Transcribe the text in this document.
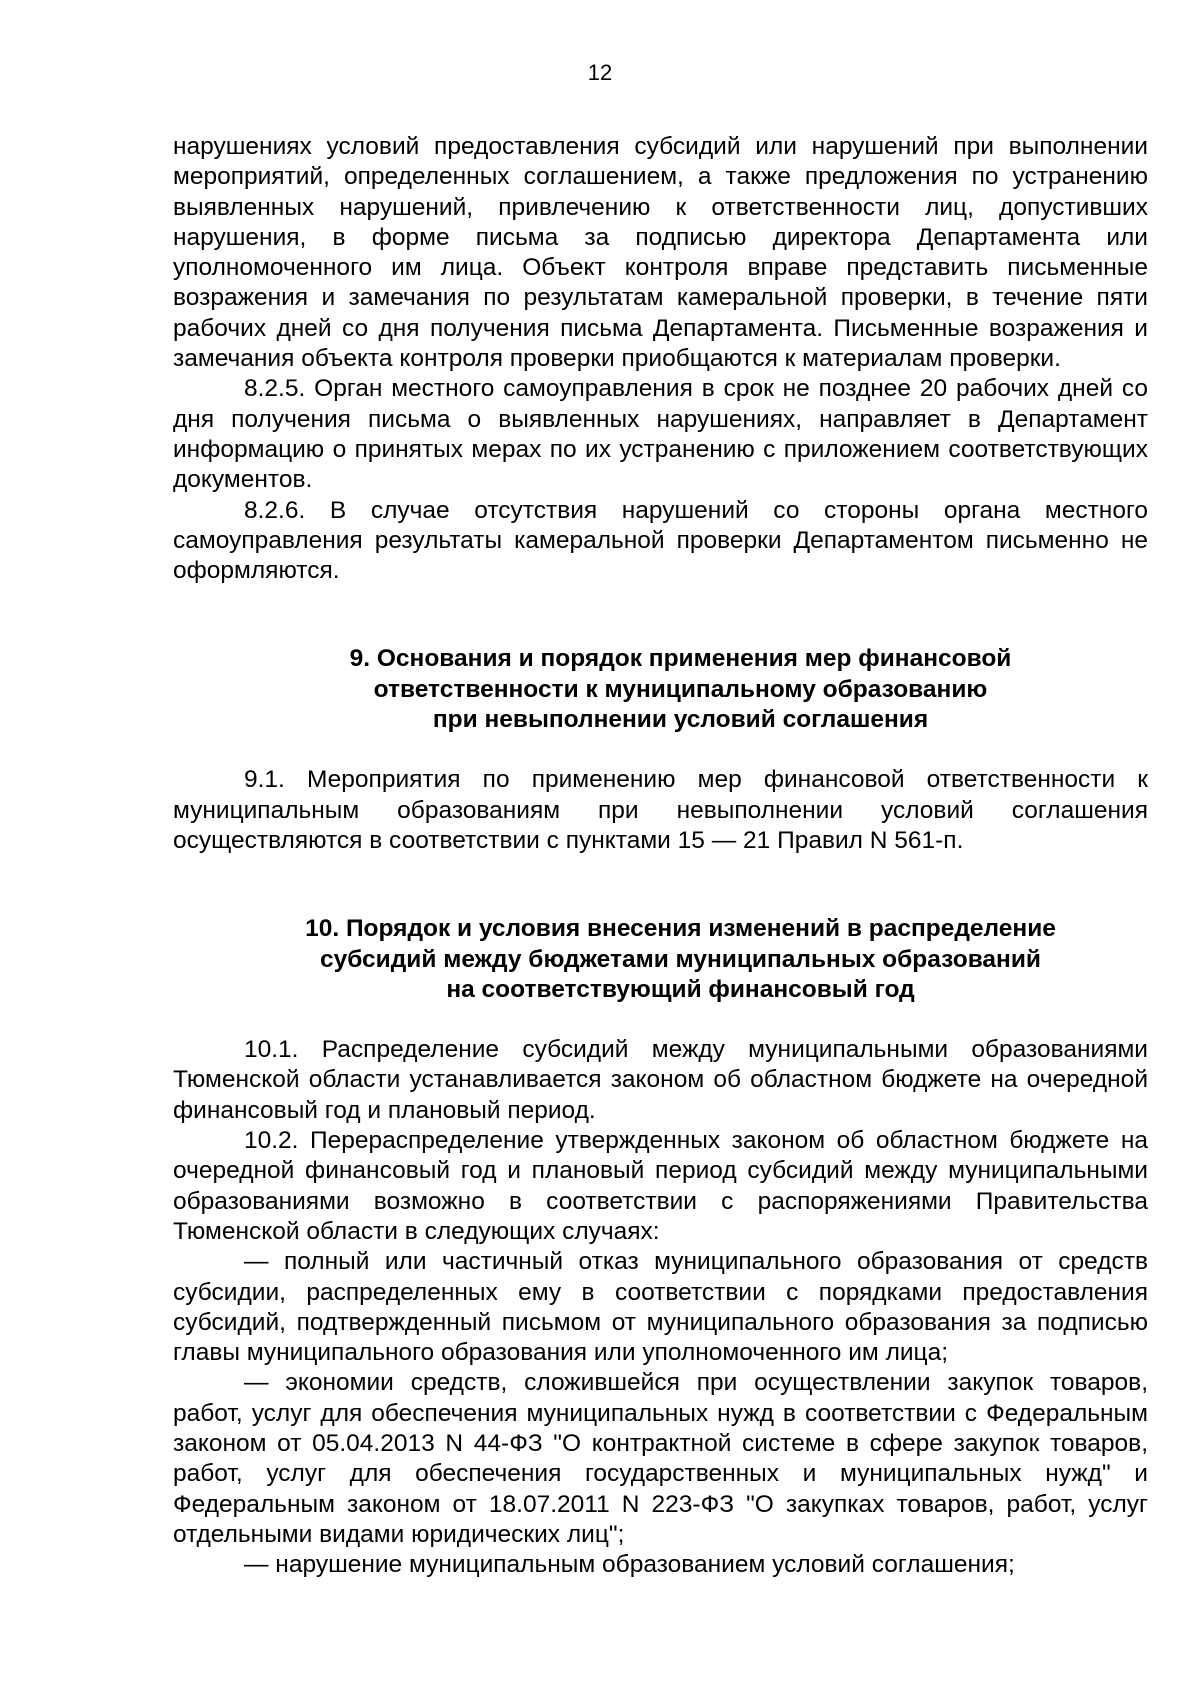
12

нарушениях условий предоставления субсидий или нарушений при выполнении мероприятий, определенных соглашением, а также предложения по устранению выявленных нарушений, привлечению к ответственности лиц, допустивших нарушения, в форме письма за подписью директора Департамента или уполномоченного им лица. Объект контроля вправе представить письменные возражения и замечания по результатам камеральной проверки, в течение пяти рабочих дней со дня получения письма Департамента. Письменные возражения и замечания объекта контроля проверки приобщаются к материалам проверки.

8.2.5. Орган местного самоуправления в срок не позднее 20 рабочих дней со дня получения письма о выявленных нарушениях, направляет в Департамент информацию о принятых мерах по их устранению с приложением соответствующих документов.

8.2.6. В случае отсутствия нарушений со стороны органа местного самоуправления результаты камеральной проверки Департаментом письменно не оформляются.

9. Основания и порядок применения мер финансовой
ответственности к муниципальному образованию
при невыполнении условий соглашения

9.1. Мероприятия по применению мер финансовой ответственности к муниципальным образованиям при невыполнении условий соглашения осуществляются в соответствии с пунктами 15 — 21 Правил N 561-п.

10. Порядок и условия внесения изменений в распределение
субсидий между бюджетами муниципальных образований
на соответствующий финансовый год

10.1. Распределение субсидий между муниципальными образованиями Тюменской области устанавливается законом об областном бюджете на очередной финансовый год и плановый период.

10.2. Перераспределение утвержденных законом об областном бюджете на очередной финансовый год и плановый период субсидий между муниципальными образованиями возможно в соответствии с распоряжениями Правительства Тюменской области в следующих случаях:

— полный или частичный отказ муниципального образования от средств субсидии, распределенных ему в соответствии с порядками предоставления субсидий, подтвержденный письмом от муниципального образования за подписью главы муниципального образования или уполномоченного им лица;

— экономии средств, сложившейся при осуществлении закупок товаров, работ, услуг для обеспечения муниципальных нужд в соответствии с Федеральным законом от 05.04.2013 N 44-ФЗ "О контрактной системе в сфере закупок товаров, работ, услуг для обеспечения государственных и муниципальных нужд" и Федеральным законом от 18.07.2011 N 223-ФЗ "О закупках товаров, работ, услуг отдельными видами юридических лиц";

— нарушение муниципальным образованием условий соглашения;
